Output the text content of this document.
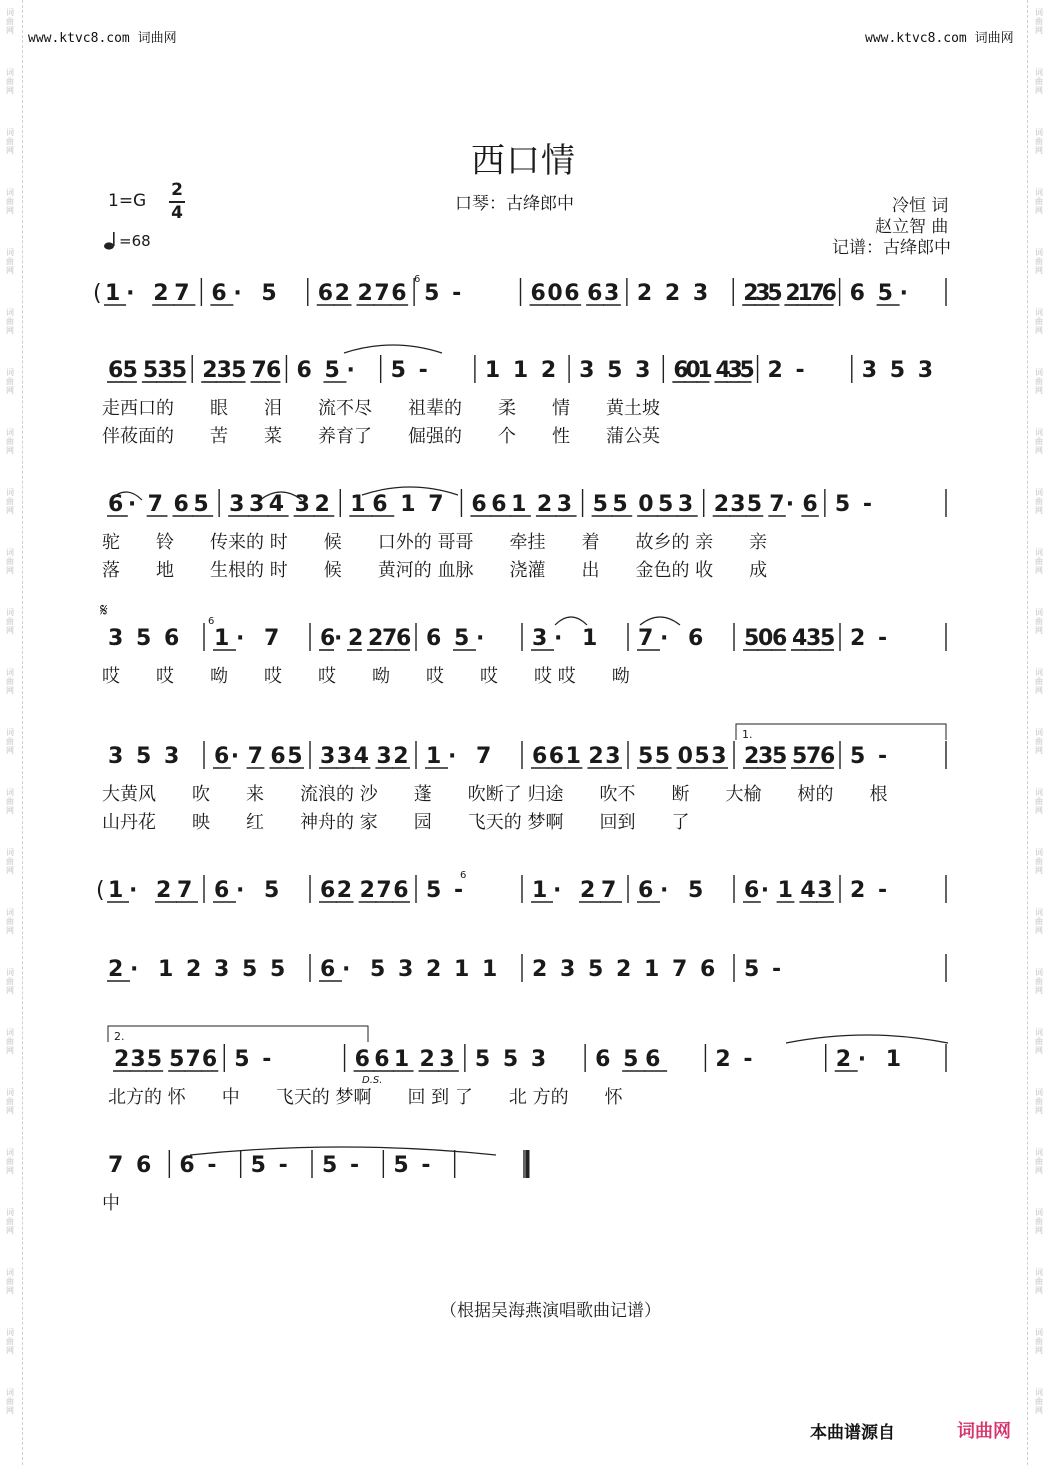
www.ktvc8.com 词曲网	www.ktvc8.com 词曲网
西口情
1=G
2
4
=68
口琴：古绛郎中	冷恒 词
赵立智 曲
记谱：古绛郎中
1 · 2 7 6 · 5 6 2 2 7 6 5 -	6 0 6 6 3 2 2 3 2
3
5 2
1
7
6 6 5 ·
(
6 5 5 3 5 2 3 5 7 6 6 5 · 5 -	1 1 2 3 5 3 6
0
1 4
3
5 2 -	3 5 3
6 · 7 6 5 3 3 4 3 2 1 6 1 7 6 6 1 2 3 5 5 0 5 3 2 3 5 7 · 6 5 -
3 5 6 1 · 7 6
· 2 2
7
6 6 5 · 3 · 1 7 · 6 5
0
6 4
3
5 2 -
3 5 3 6 · 7 6 5 3 3 4 3 2 1 · 7 6 6 1 2 3 5 5 0 5 3 2
3
5 5
7
6 5 -
1 · 2 7 6 · 5 6 2 2 7 6 5 -	1 · 2 7 6 · 5 6 · 1 4 3 2 -
(
2 · 1 2 3 5 5 6 · 5 3 2 1 1 2 3 5 2 1 7 6 5 -
2 3 5 5 7 6 5 -	6 6 1 2 3 5 5 3 6 5 6 2 -	2 · 1
7 6 6 - 5 - 5 - 5 -
走西口的  眼  泪  流不尽  祖辈的  柔  情  黄土坡
伴莜面的  苦  菜  养育了  倔强的  个  性  蒲公英
驼  铃  传来的 时  候  口外的 哥哥  牵挂  着  故乡的 亲  亲
落  地  生根的 时  候  黄河的 血脉  浇灌  出  金色的 收  成
哎  哎  呦  哎  哎  呦  哎  哎  哎 哎  呦
大黄风  吹  来  流浪的 沙  蓬  吹断了 归途  吹不  断  大榆  树的  根
山丹花  映  红  神舟的 家  园  飞天的 梦啊  回到  了
北方的 怀  中  飞天的 梦啊  回 到 了  北 方的  怀
中
D.S.
1.
2.
𝄋
6
6
6
（根据吴海燕演唱歌曲记谱）
本曲谱源自	词曲网
词
曲
网
词
曲
网
词
曲
网
词
曲
网
词
曲
网
词
曲
网
词
曲
网
词
曲
网
词
曲
网
词
曲
网
词
曲
网
词
曲
网
词
曲
网
词
曲
网
词
曲
网
词
曲
网
词
曲
网
词
曲
网
词
曲
网
词
曲
网
词
曲
网
词
曲
网
词
曲
网
词
曲
网
词
曲
网
词
曲
网
词
曲
网
词
曲
网
词
曲
网
词
曲
网
词
曲
网
词
曲
网
词
曲
网
词
曲
网
词
曲
网
词
曲
网
词
曲
网
词
曲
网
词
曲
网
词
曲
网
词
曲
网
词
曲
网
词
曲
网
词
曲
网
词
曲
网
词
曲
网
词
曲
网
词
曲
网
